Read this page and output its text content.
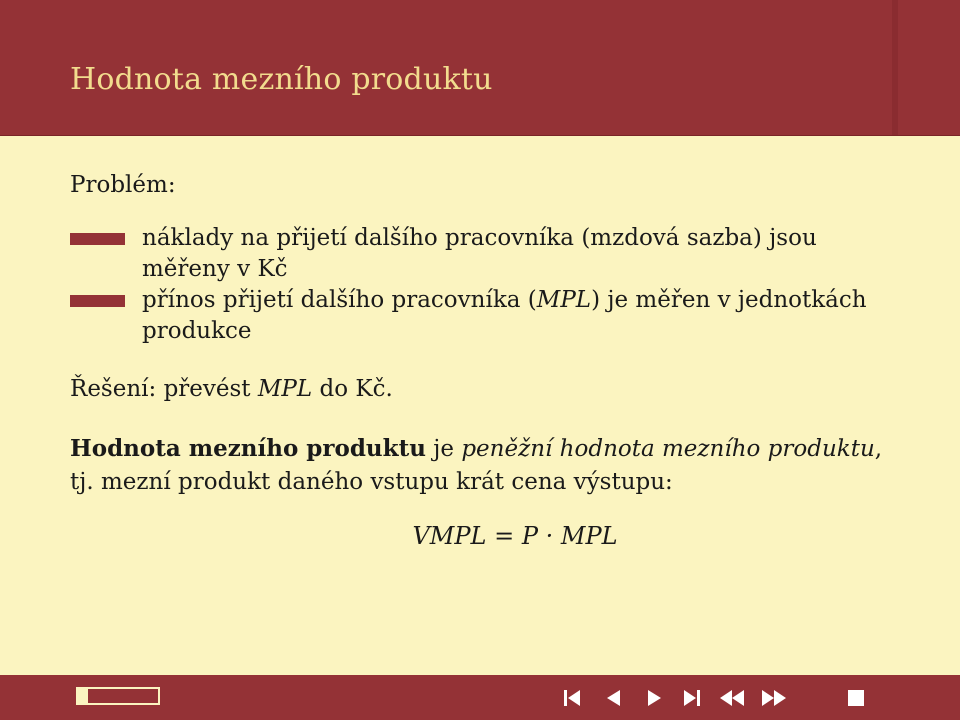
Hodnota mezního produktu
Problém:
náklady na přijetí dalšího pracovníka (mzdová sazba) jsou měřeny v Kč
přínos přijetí dalšího pracovníka (MPL) je měřen v jednotkách produkce
Řešení: převést MPL do Kč.
Hodnota mezního produktu je peněžní hodnota mezního produktu, tj. mezní produkt daného vstupu krát cena výstupu:
VMPL = P · MPL
